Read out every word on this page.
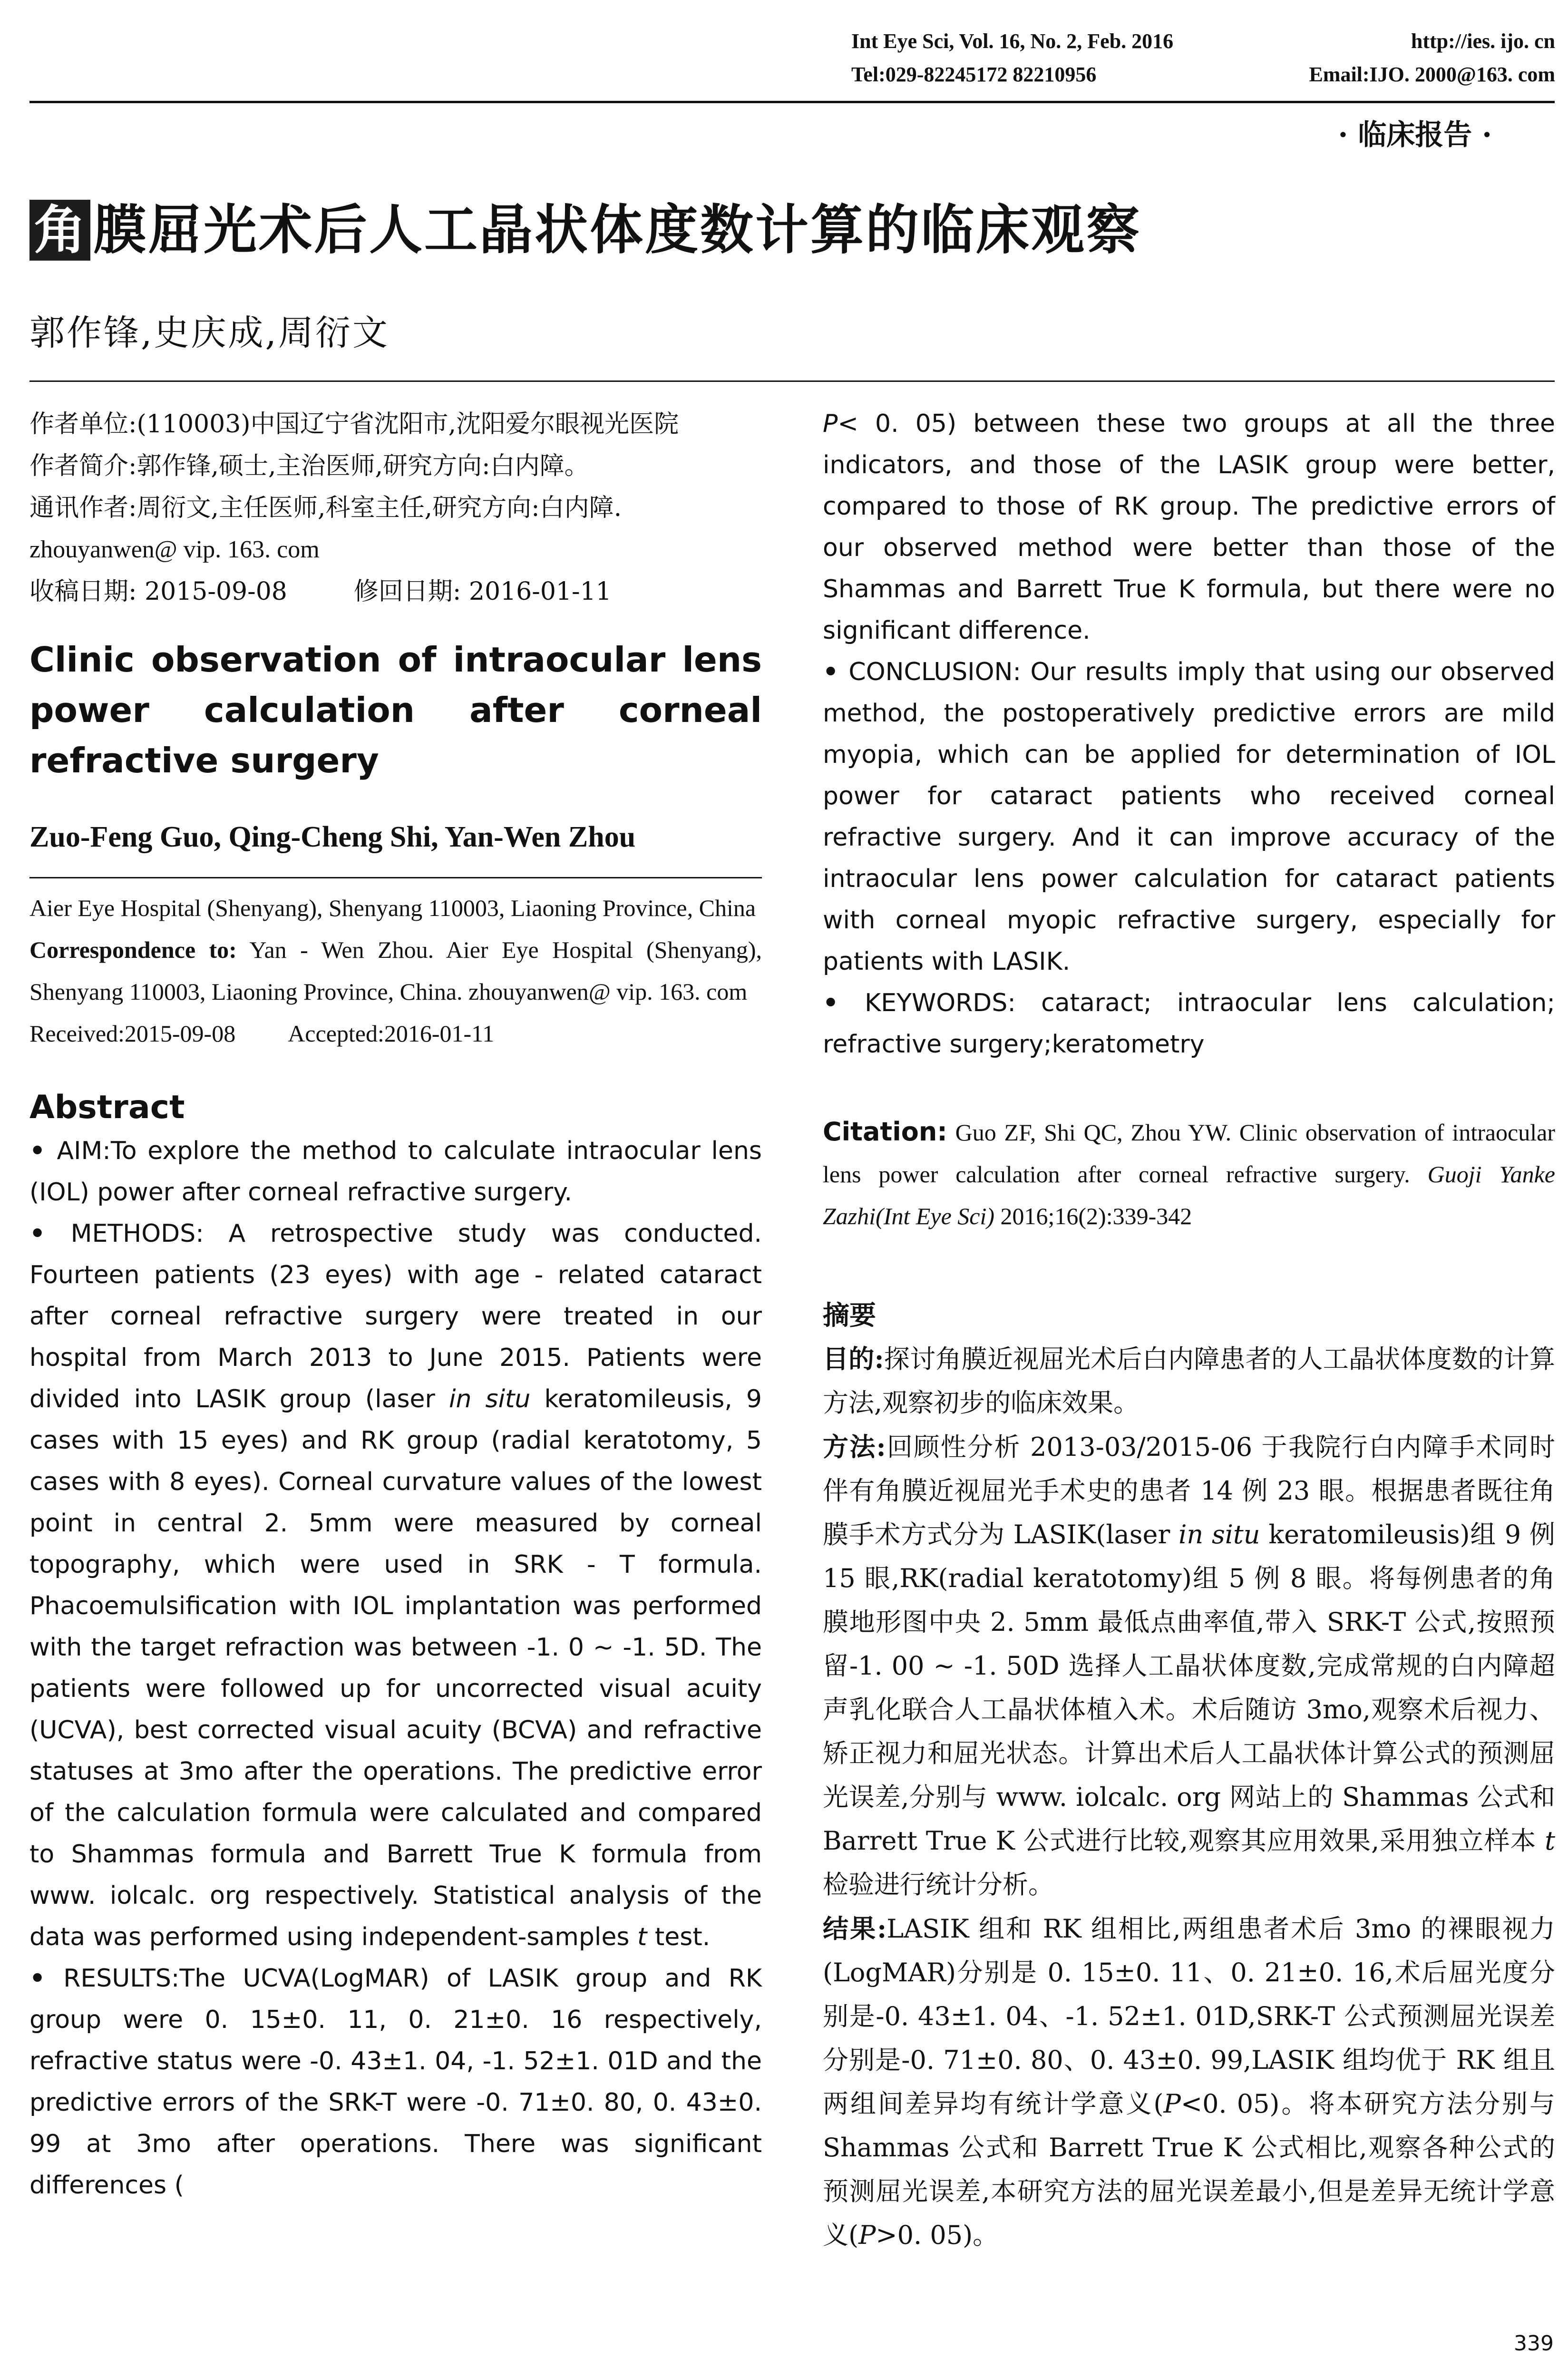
Int Eye Sci, Vol. 16, No. 2, Feb. 2016	http://ies. ijo. cn
Tel:029-82245172 82210956	Email:IJO. 2000@163. com
· 临床报告 ·
角 膜屈光术后人工晶状体度数计算的临床观察
郭作锋,史庆成,周衍文
作者单位:(110003)中国辽宁省沈阳市,沈阳爱尔眼视光医院
作者简介:郭作锋,硕士,主治医师,研究方向:白内障。
通讯作者:周衍文,主任医师,科室主任,研究方向:白内障.
zhouyanwen@ vip. 163. com
收稿日期: 2015-09-08	修回日期: 2016-01-11
Clinic observation of intraocular lens power calculation after corneal refractive surgery
Zuo-Feng Guo, Qing-Cheng Shi, Yan-Wen Zhou
Aier Eye Hospital (Shenyang), Shenyang 110003, Liaoning Province, China
Correspondence to: Yan - Wen Zhou. Aier Eye Hospital (Shenyang), Shenyang 110003, Liaoning Province, China. zhouyanwen@ vip. 163. com
Received:2015-09-08 Accepted:2016-01-11
Abstract
• AIM:To explore the method to calculate intraocular lens (IOL) power after corneal refractive surgery.
• METHODS: A retrospective study was conducted. Fourteen patients (23 eyes) with age - related cataract after corneal refractive surgery were treated in our hospital from March 2013 to June 2015. Patients were divided into LASIK group (laser in situ keratomileusis, 9 cases with 15 eyes) and RK group (radial keratotomy, 5 cases with 8 eyes). Corneal curvature values of the lowest point in central 2. 5mm were measured by corneal topography, which were used in SRK - T formula. Phacoemulsification with IOL implantation was performed with the target refraction was between -1. 0 ~ -1. 5D. The patients were followed up for uncorrected visual acuity (UCVA), best corrected visual acuity (BCVA) and refractive statuses at 3mo after the operations. The predictive error of the calculation formula were calculated and compared to Shammas formula and Barrett True K formula from www. iolcalc. org respectively. Statistical analysis of the data was performed using independent-samples t test.
• RESULTS:The UCVA(LogMAR) of LASIK group and RK group were 0. 15±0. 11, 0. 21±0. 16 respectively, refractive status were -0. 43±1. 04, -1. 52±1. 01D and the predictive errors of the SRK-T were -0. 71±0. 80, 0. 43±0. 99 at 3mo after operations. There was significant differences (
P< 0. 05) between these two groups at all the three indicators, and those of the LASIK group were better, compared to those of RK group. The predictive errors of our observed method were better than those of the Shammas and Barrett True K formula, but there were no significant difference.
• CONCLUSION: Our results imply that using our observed method, the postoperatively predictive errors are mild myopia, which can be applied for determination of IOL power for cataract patients who received corneal refractive surgery. And it can improve accuracy of the intraocular lens power calculation for cataract patients with corneal myopic refractive surgery, especially for patients with LASIK.
• KEYWORDS: cataract; intraocular lens calculation; refractive surgery;keratometry
Citation: Guo ZF, Shi QC, Zhou YW. Clinic observation of intraocular lens power calculation after corneal refractive surgery. Guoji Yanke Zazhi(Int Eye Sci) 2016;16(2):339-342
摘要
目的:探讨角膜近视屈光术后白内障患者的人工晶状体度数的计算方法,观察初步的临床效果。
方法:回顾性分析 2013-03/2015-06 于我院行白内障手术同时伴有角膜近视屈光手术史的患者 14 例 23 眼。根据患者既往角膜手术方式分为 LASIK(laser in situ keratomileusis)组 9 例 15 眼,RK(radial keratotomy)组 5 例 8 眼。将每例患者的角膜地形图中央 2. 5mm 最低点曲率值,带入 SRK-T 公式,按照预留-1. 00 ~ -1. 50D 选择人工晶状体度数,完成常规的白内障超声乳化联合人工晶状体植入术。术后随访 3mo,观察术后视力、矫正视力和屈光状态。计算出术后人工晶状体计算公式的预测屈光误差,分别与 www. iolcalc. org 网站上的 Shammas 公式和 Barrett True K 公式进行比较,观察其应用效果,采用独立样本 t 检验进行统计分析。
结果:LASIK 组和 RK 组相比,两组患者术后 3mo 的裸眼视力(LogMAR)分别是 0. 15±0. 11、0. 21±0. 16,术后屈光度分别是-0. 43±1. 04、-1. 52±1. 01D,SRK-T 公式预测屈光误差分别是-0. 71±0. 80、0. 43±0. 99,LASIK 组均优于 RK 组且两组间差异均有统计学意义(P<0. 05)。将本研究方法分别与 Shammas 公式和 Barrett True K 公式相比,观察各种公式的预测屈光误差,本研究方法的屈光误差最小,但是差异无统计学意义(P>0. 05)。
339
